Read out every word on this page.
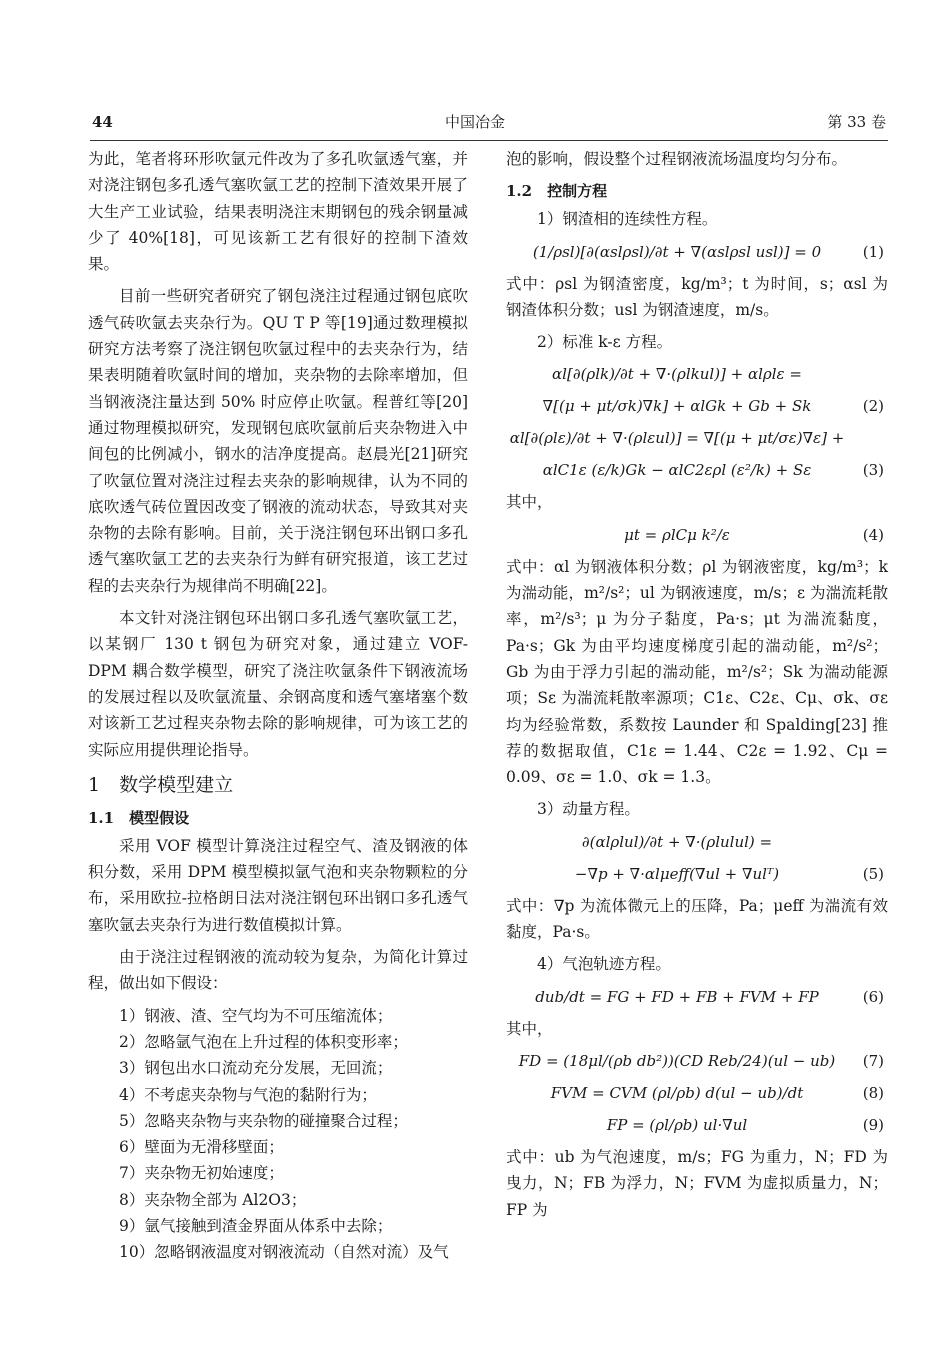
44	中国冶金	第 33 卷

为此，笔者将环形吹氩元件改为了多孔吹氩透气塞，并对浇注钢包多孔透气塞吹氩工艺的控制下渣效果开展了大生产工业试验，结果表明浇注末期钢包的残余钢量减少了 40%[18]，可见该新工艺有很好的控制下渣效果。

目前一些研究者研究了钢包浇注过程通过钢包底吹透气砖吹氩去夹杂行为。QU T P 等[19]通过数理模拟研究方法考察了浇注钢包吹氩过程中的去夹杂行为，结果表明随着吹氩时间的增加，夹杂物的去除率增加，但当钢液浇注量达到 50% 时应停止吹氩。程普红等[20]通过物理模拟研究，发现钢包底吹氩前后夹杂物进入中间包的比例减小，钢水的洁净度提高。赵晨光[21]研究了吹氩位置对浇注过程去夹杂的影响规律，认为不同的底吹透气砖位置因改变了钢液的流动状态，导致其对夹杂物的去除有影响。目前，关于浇注钢包环出钢口多孔透气塞吹氩工艺的去夹杂行为鲜有研究报道，该工艺过程的去夹杂行为规律尚不明确[22]。

本文针对浇注钢包环出钢口多孔透气塞吹氩工艺，以某钢厂 130 t 钢包为研究对象，通过建立 VOF-DPM 耦合数学模型，研究了浇注吹氩条件下钢液流场的发展过程以及吹氩流量、余钢高度和透气塞堵塞个数对该新工艺过程夹杂物去除的影响规律，可为该工艺的实际应用提供理论指导。

1　数学模型建立
1.1　模型假设

采用 VOF 模型计算浇注过程空气、渣及钢液的体积分数，采用 DPM 模型模拟氩气泡和夹杂物颗粒的分布，采用欧拉-拉格朗日法对浇注钢包环出钢口多孔透气塞吹氩去夹杂行为进行数值模拟计算。

由于浇注过程钢液的流动较为复杂，为简化计算过程，做出如下假设：

1）钢液、渣、空气均为不可压缩流体；
2）忽略氩气泡在上升过程的体积变形率；
3）钢包出水口流动充分发展，无回流；
4）不考虑夹杂物与气泡的黏附行为；
5）忽略夹杂物与夹杂物的碰撞聚合过程；
6）壁面为无滑移壁面；
7）夹杂物无初始速度；
8）夹杂物全部为 Al2O3；
9）氩气接触到渣金界面从体系中去除；
10）忽略钢液温度对钢液流动（自然对流）及气

泡的影响，假设整个过程钢液流场温度均匀分布。

1.2　控制方程

1）钢渣相的连续性方程。

(1/ρsl)[∂(αslρsl)/∂t + ∇(αslρsl usl)] = 0	(1)

式中：ρsl 为钢渣密度，kg/m³；t 为时间，s；αsl 为钢渣体积分数；usl 为钢渣速度，m/s。

2）标准 k-ε 方程。

αl[∂(ρlk)/∂t + ∇·(ρlkul)] + αlρlε =
∇[(μ + μt/σk)∇k] + αlGk + Gb + Sk	(2)
αl[∂(ρlε)/∂t + ∇·(ρlεul)] = ∇[(μ + μt/σε)∇ε] +
αlC1ε (ε/k)Gk − αlC2ερl (ε²/k) + Sε	(3)

其中，

μt = ρlCμ k²/ε	(4)

式中：αl 为钢液体积分数；ρl 为钢液密度，kg/m³；k 为湍动能，m²/s²；ul 为钢液速度，m/s；ε 为湍流耗散率，m²/s³；μ 为分子黏度，Pa·s；μt 为湍流黏度，Pa·s；Gk 为由平均速度梯度引起的湍动能，m²/s²；Gb 为由于浮力引起的湍动能，m²/s²；Sk 为湍动能源项；Sε 为湍流耗散率源项；C1ε、C2ε、Cμ、σk、σε 均为经验常数，系数按 Launder 和 Spalding[23] 推荐的数据取值，C1ε = 1.44、C2ε = 1.92、Cμ = 0.09、σε = 1.0、σk = 1.3。

3）动量方程。

∂(αlρlul)/∂t + ∇·(ρlulul) =
−∇p + ∇·αlμeff(∇ul + ∇ulᵀ)	(5)

式中：∇p 为流体微元上的压降，Pa；μeff 为湍流有效黏度，Pa·s。

4）气泡轨迹方程。

dub/dt = FG + FD + FB + FVM + FP	(6)

其中，

FD = (18μl/(ρb db²))(CD Reb/24)(ul − ub) (7)
FVM = CVM (ρl/ρb) d(ul − ub)/dt	(8)
FP = (ρl/ρb) ul·∇ul	(9)

式中：ub 为气泡速度，m/s；FG 为重力，N；FD 为曳力，N；FB 为浮力，N；FVM 为虚拟质量力，N；FP 为
